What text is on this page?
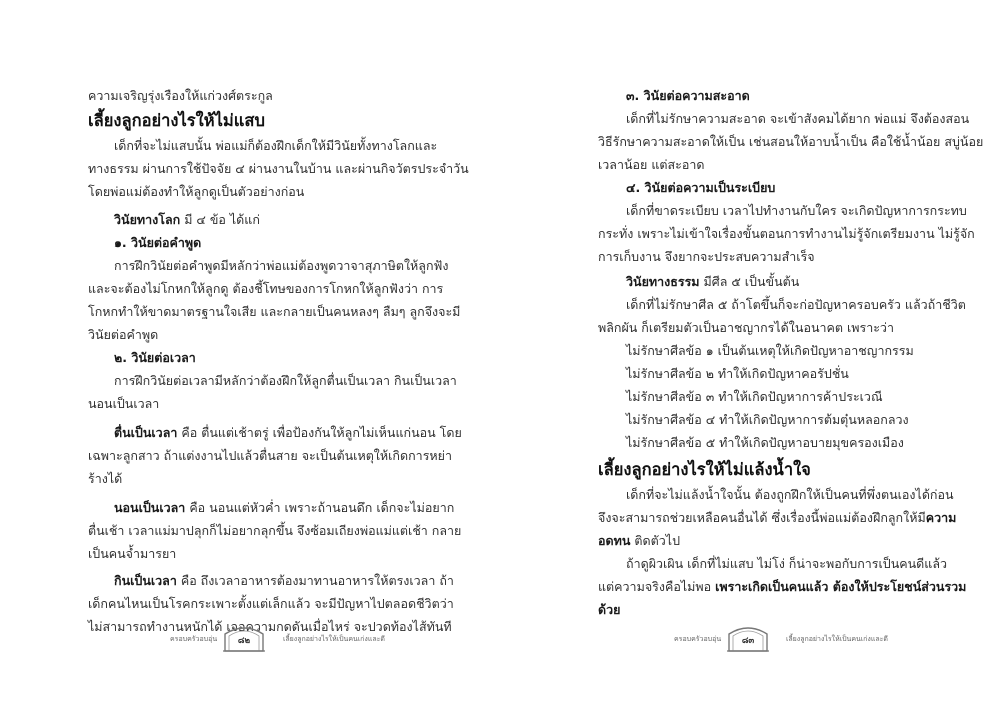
ความเจริญรุ่งเรืองให้แก่วงศ์ตระกูล
เลี้ยงลูกอย่างไรให้ไม่แสบ
เด็กที่จะไม่แสบนั้น พ่อแม่ก็ต้องฝึกเด็กให้มีวินัยทั้งทางโลกและ
ทางธรรม ผ่านการใช้ปัจจัย ๔ ผ่านงานในบ้าน และผ่านกิจวัตรประจำวัน
โดยพ่อแม่ต้องทำให้ลูกดูเป็นตัวอย่างก่อน
วินัยทางโลก มี ๔ ข้อ ได้แก่
๑. วินัยต่อคำพูด
การฝึกวินัยต่อคำพูดมีหลักว่าพ่อแม่ต้องพูดวาจาสุภาษิตให้ลูกฟัง
และจะต้องไม่โกหกให้ลูกดู ต้องชี้โทษของการโกหกให้ลูกฟังว่า การ
โกหกทำให้ขาดมาตรฐานใจเสีย และกลายเป็นคนหลงๆ ลืมๆ ลูกจึงจะมี
วินัยต่อคำพูด
๒. วินัยต่อเวลา
การฝึกวินัยต่อเวลามีหลักว่าต้องฝึกให้ลูกตื่นเป็นเวลา กินเป็นเวลา
นอนเป็นเวลา
ตื่นเป็นเวลา คือ ตื่นแต่เช้าตรู่ เพื่อป้องกันให้ลูกไม่เห็นแก่นอน โดย
เฉพาะลูกสาว ถ้าแต่งงานไปแล้วตื่นสาย จะเป็นต้นเหตุให้เกิดการหย่า
ร้างได้
นอนเป็นเวลา คือ นอนแต่หัวค่ำ เพราะถ้านอนดึก เด็กจะไม่อยาก
ตื่นเช้า เวลาแม่มาปลุกก็ไม่อยากลุกขึ้น จึงซ้อมเถียงพ่อแม่แต่เช้า กลาย
เป็นคนจ้ำมารยา
กินเป็นเวลา คือ ถึงเวลาอาหารต้องมาทานอาหารให้ตรงเวลา ถ้า
เด็กคนไหนเป็นโรคกระเพาะตั้งแต่เล็กแล้ว จะมีปัญหาไปตลอดชีวิตว่า
ไม่สามารถทำงานหนักได้ เจอความกดดันเมื่อไหร่ จะปวดท้องไส้ทันที
ครอบครัวอบอุ่น	๘๒	เลี้ยงลูกอย่างไรให้เป็นคนเก่งและดี
๓. วินัยต่อความสะอาด
เด็กที่ไม่รักษาความสะอาด จะเข้าสังคมได้ยาก พ่อแม่ จึงต้องสอน
วิธีรักษาความสะอาดให้เป็น เช่นสอนให้อาบน้ำเป็น คือใช้น้ำน้อย สบู่น้อย
เวลาน้อย แต่สะอาด
๔. วินัยต่อความเป็นระเบียบ
เด็กที่ขาดระเบียบ เวลาไปทำงานกับใคร จะเกิดปัญหาการกระทบ
กระทั่ง เพราะไม่เข้าใจเรื่องขั้นตอนการทำงานไม่รู้จักเตรียมงาน ไม่รู้จัก
การเก็บงาน จึงยากจะประสบความสำเร็จ
วินัยทางธรรม มีศีล ๕ เป็นขั้นต้น
เด็กที่ไม่รักษาศีล ๕ ถ้าโตขึ้นก็จะก่อปัญหาครอบครัว แล้วถ้าชีวิต
พลิกผัน ก็เตรียมตัวเป็นอาชญากรได้ในอนาคต เพราะว่า
ไม่รักษาศีลข้อ ๑ เป็นต้นเหตุให้เกิดปัญหาอาชญากรรม
ไม่รักษาศีลข้อ ๒ ทำให้เกิดปัญหาคอรัปชั่น
ไม่รักษาศีลข้อ ๓ ทำให้เกิดปัญหาการค้าประเวณี
ไม่รักษาศีลข้อ ๔ ทำให้เกิดปัญหาการต้มตุ๋นหลอกลวง
ไม่รักษาศีลข้อ ๕ ทำให้เกิดปัญหาอบายมุขครองเมือง
เลี้ยงลูกอย่างไรให้ไม่แล้งน้ำใจ
เด็กที่จะไม่แล้งน้ำใจนั้น ต้องถูกฝึกให้เป็นคนที่พึ่งตนเองได้ก่อน
จึงจะสามารถช่วยเหลือคนอื่นได้ ซึ่งเรื่องนี้พ่อแม่ต้องฝึกลูกให้มีความ
อดทน ติดตัวไป
ถ้าดูผิวเผิน เด็กที่ไม่แสบ ไม่โง่ ก็น่าจะพอกับการเป็นคนดีแล้ว
แต่ความจริงคือไม่พอ เพราะเกิดเป็นคนแล้ว ต้องให้ประโยชน์ส่วนรวม
ด้วย
ครอบครัวอบอุ่น	๘๓	เลี้ยงลูกอย่างไรให้เป็นคนเก่งและดี
